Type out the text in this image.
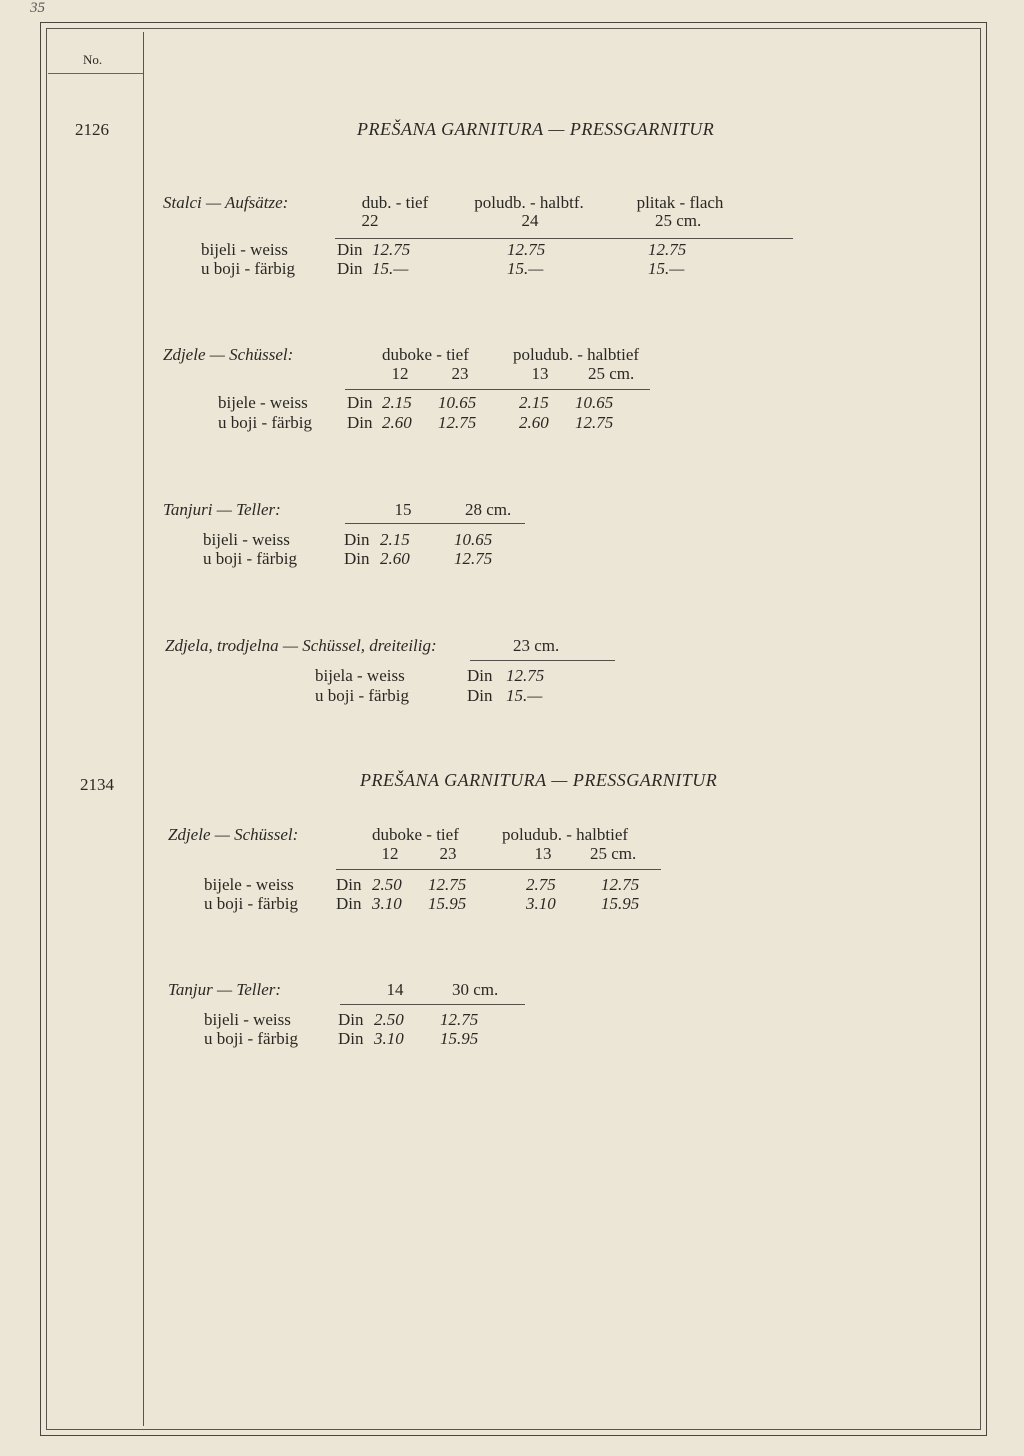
35
No.
2126	PREŠANA GARNITURA — PRESSGARNITUR
Stalci — Aufsätze:	dub. - tief	poludb. - halbtf.	plitak - flach
22	24	25 cm.
bijeli - weiss	Din 12.75	12.75	12.75
u boji - färbig Din 15.—	15.—	15.—
Zdjele — Schüssel:	duboke - tief	poludub. - halbtief
12	23	13	25 cm.
bijele - weiss Din 2.15 10.65	2.15 10.65
u boji - färbig Din 2.60 12.75	2.60 12.75
Tanjuri — Teller:	15	28 cm.
bijeli - weiss	Din 2.15	10.65
u boji - färbig	Din 2.60	12.75
Zdjela, trodjelna — Schüssel, dreiteilig:	23 cm.
bijela - weiss	Din 12.75
u boji - färbig	Din 15.—
2134	PREŠANA GARNITURA — PRESSGARNITUR
Zdjele — Schüssel:	duboke - tief	poludub. - halbtief
12	23	13	25 cm.
bijele - weiss Din 2.50 12.75	2.75	12.75
u boji - färbig Din 3.10 15.95	3.10	15.95
Tanjur — Teller:	14	30 cm.
bijeli - weiss	Din 2.50 12.75
u boji - färbig Din 3.10 15.95
